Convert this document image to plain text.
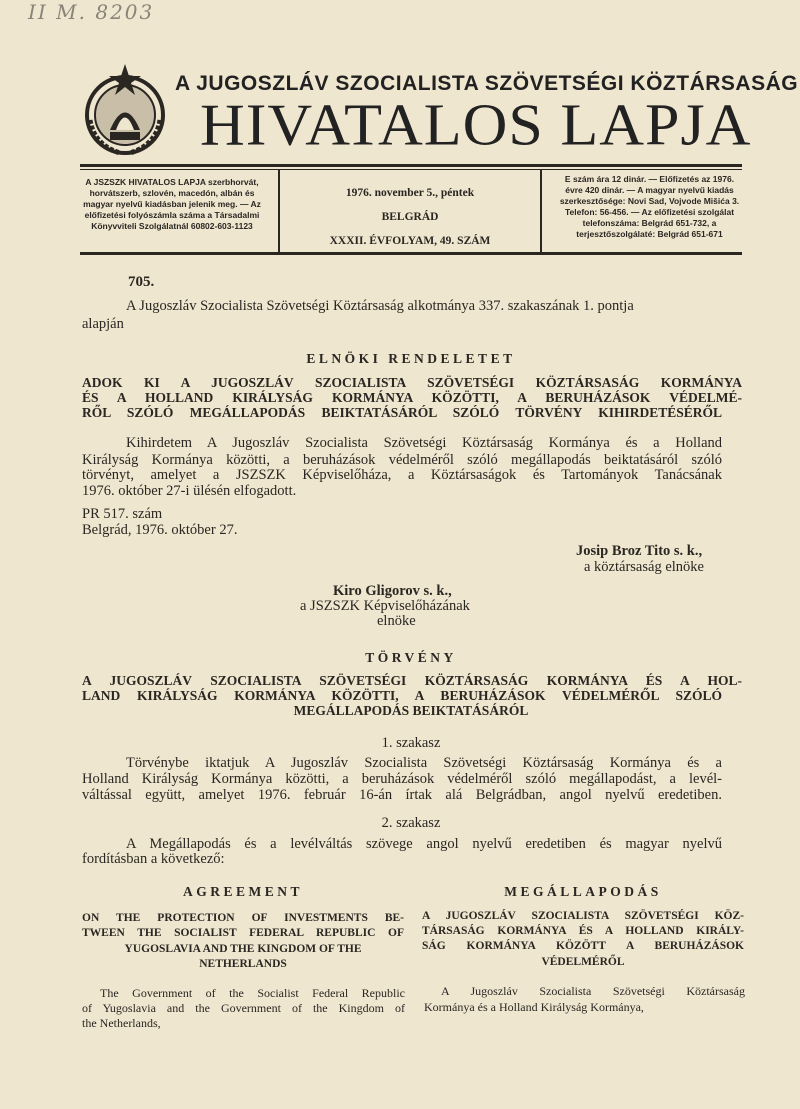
II M. 8203
A JUGOSZLÁV SZOCIALISTA SZÖVETSÉGI KÖZTÁRSASÁG
HIVATALOS LAPJA
A JSZSZK HIVATALOS LAPJA szerbhorvát, horvátszerb, szlovén, macedón, albán és magyar nyelvű kiadásban jelenik meg. — Az előfizetési folyószámla száma a Társadalmi Könyvviteli Szolgálatnál 60802-603-1123
1976. november 5., péntek
BELGRÁD
XXXII. ÉVFOLYAM, 49. SZÁM
E szám ára 12 dinár. — Előfizetés az 1976. évre 420 dinár. — A magyar nyelvű kiadás szerkesztősége: Novi Sad, Vojvode Mišića 3. Telefon: 56-456. — Az előfizetési szolgálat telefonszáma: Belgrád 651-732, a terjesztőszolgálaté: Belgrád 651-671
705.
A Jugoszláv Szocialista Szövetségi Köztársaság alkotmánya 337. szakaszának 1. pontja
alapján
ELNÖKI RENDELETET
ADOK KI A JUGOSZLÁV SZOCIALISTA SZÖVETSÉGI KÖZTÁRSASÁG KORMÁNYA
ÉS A HOLLAND KIRÁLYSÁG KORMÁNYA KÖZÖTTI, A BERUHÁZÁSOK VÉDELMÉ-
RŐL SZÓLÓ MEGÁLLAPODÁS BEIKTATÁSÁRÓL SZÓLÓ TÖRVÉNY KIHIRDETÉSÉRŐL
Kihirdetem A Jugoszláv Szocialista Szövetségi Köztársaság Kormánya és a Holland
Királyság Kormánya közötti, a beruházások védelméről szóló megállapodás beiktatásáról szóló
törvényt, amelyet a JSZSZK Képviselőháza, a Köztársaságok és Tartományok Tanácsának
1976. október 27-i ülésén elfogadott.
PR 517. szám
Belgrád, 1976. október 27.
Josip Broz Tito s. k.,
a köztársaság elnöke
Kiro Gligorov s. k.,
a JSZSZK Képviselőházának
elnöke
TÖRVÉNY
A JUGOSZLÁV SZOCIALISTA SZÖVETSÉGI KÖZTÁRSASÁG KORMÁNYA ÉS A HOL-
LAND KIRÁLYSÁG KORMÁNYA KÖZÖTTI, A BERUHÁZÁSOK VÉDELMÉRŐL SZÓLÓ
MEGÁLLAPODÁS BEIKTATÁSÁRÓL
1. szakasz
Törvénybe iktatjuk A Jugoszláv Szocialista Szövetségi Köztársaság Kormánya és a
Holland Királyság Kormánya közötti, a beruházások védelméről szóló megállapodást, a levél-
váltással együtt, amelyet 1976. február 16-án írtak alá Belgrádban, angol nyelvű eredetiben.
2. szakasz
A Megállapodás és a levélváltás szövege angol nyelvű eredetiben és magyar nyelvű
fordításban a következő:
AGREEMENT	MEGÁLLAPODÁS
ON THE PROTECTION OF INVESTMENTS BE-
TWEEN THE SOCIALIST FEDERAL REPUBLIC OF
YUGOSLAVIA AND THE KINGDOM OF THE
NETHERLANDS
A JUGOSZLÁV SZOCIALISTA SZÖVETSÉGI KÖZ-
TÁRSASÁG KORMÁNYA ÉS A HOLLAND KIRÁLY-
SÁG KORMÁNYA KÖZÖTT A BERUHÁZÁSOK
VÉDELMÉRŐL
The Government of the Socialist Federal Republic
of Yugoslavia and the Government of the Kingdom of
the Netherlands,
A Jugoszláv Szocialista Szövetségi Köztársaság
Kormánya és a Holland Királyság Kormánya,
